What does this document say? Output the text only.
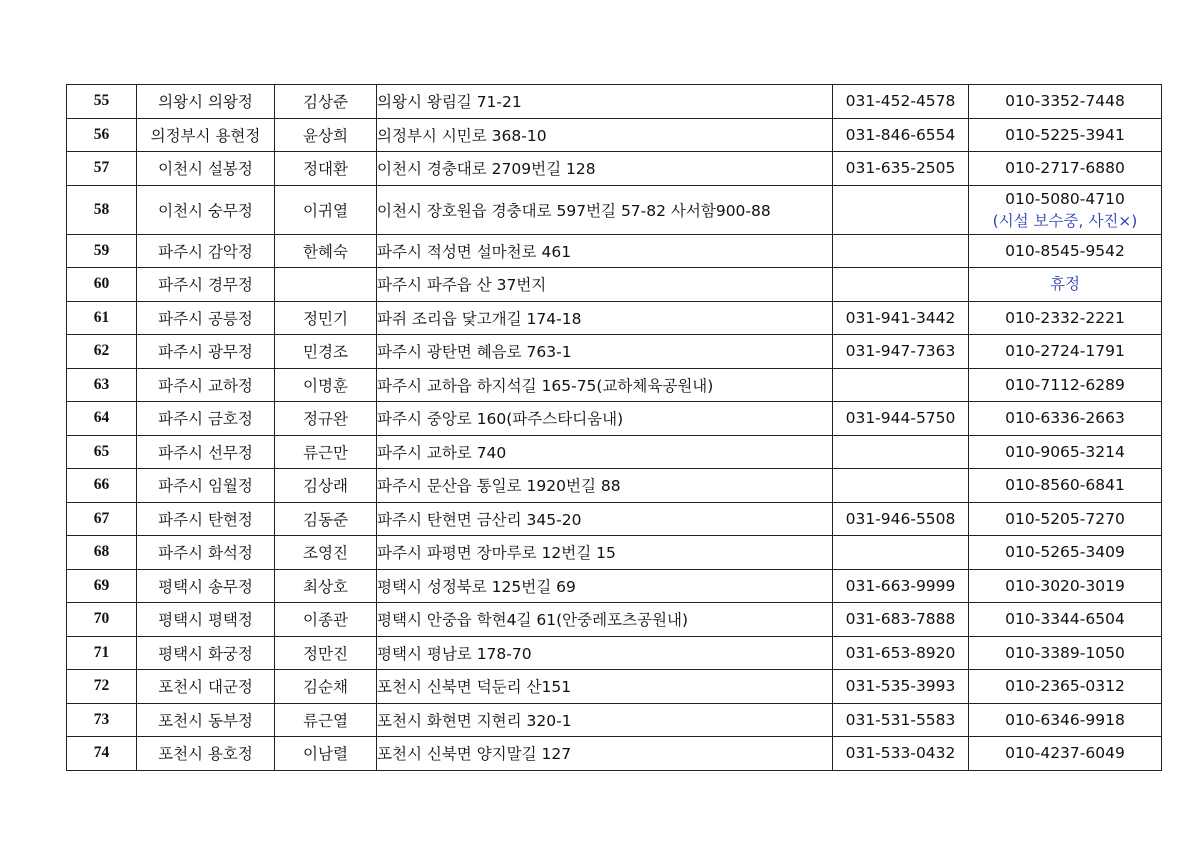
55	의왕시 의왕정	김상준	의왕시 왕림길 71-21	031-452-4578	010-3352-7448
56	의정부시 용현정	윤상희	의정부시 시민로 368-10	031-846-6554	010-5225-3941
57	이천시 설봉정	정대환	이천시 경충대로 2709번길 128	031-635-2505	010-2717-6880
58	이천시 숭무정	이귀열	이천시 장호원읍 경충대로 597번길 57-82 사서함900-88		010-5080-4710
(시설 보수중, 사진×)

59	파주시 감악정	한혜숙	파주시 적성면 설마천로 461		010-8545-9542
60	파주시 경무정		파주시 파주읍 산 37번지		휴정

61	파주시 공릉정	정민기	파쥐 조리읍 닻고개길 174-18	031-941-3442	010-2332-2221
62	파주시 광무정	민경조	파주시 광탄면 혜음로 763-1	031-947-7363	010-2724-1791
63	파주시 교하정	이명훈	파주시 교하읍 하지석길 165-75(교하체육공원내)		010-7112-6289
64	파주시 금호정	정규완	파주시 중앙로 160(파주스타디움내)	031-944-5750	010-6336-2663
65	파주시 선무정	류근만	파주시 교하로 740		010-9065-3214
66	파주시 임월정	김상래	파주시 문산읍 통일로 1920번길 88		010-8560-6841
67	파주시 탄현정	김동준	파주시 탄현면 금산리 345-20	031-946-5508	010-5205-7270
68	파주시 화석정	조영진	파주시 파평면 장마루로 12번길 15		010-5265-3409
69	평택시 송무정	최상호	평택시 성정북로 125번길 69	031-663-9999	010-3020-3019
70	평택시 평택정	이종관	평택시 안중읍 학현4길 61(안중레포츠공원내)	031-683-7888	010-3344-6504
71	평택시 화궁정	정만진	평택시 평남로 178-70	031-653-8920	010-3389-1050
72	포천시 대군정	김순채	포천시 신북면 덕둔리 산151	031-535-3993	010-2365-0312
73	포천시 동부정	류근열	포천시 화현면 지현리 320-1	031-531-5583	010-6346-9918
74	포천시 용호정	이남렬	포천시 신북면 양지말길 127	031-533-0432	010-4237-6049
